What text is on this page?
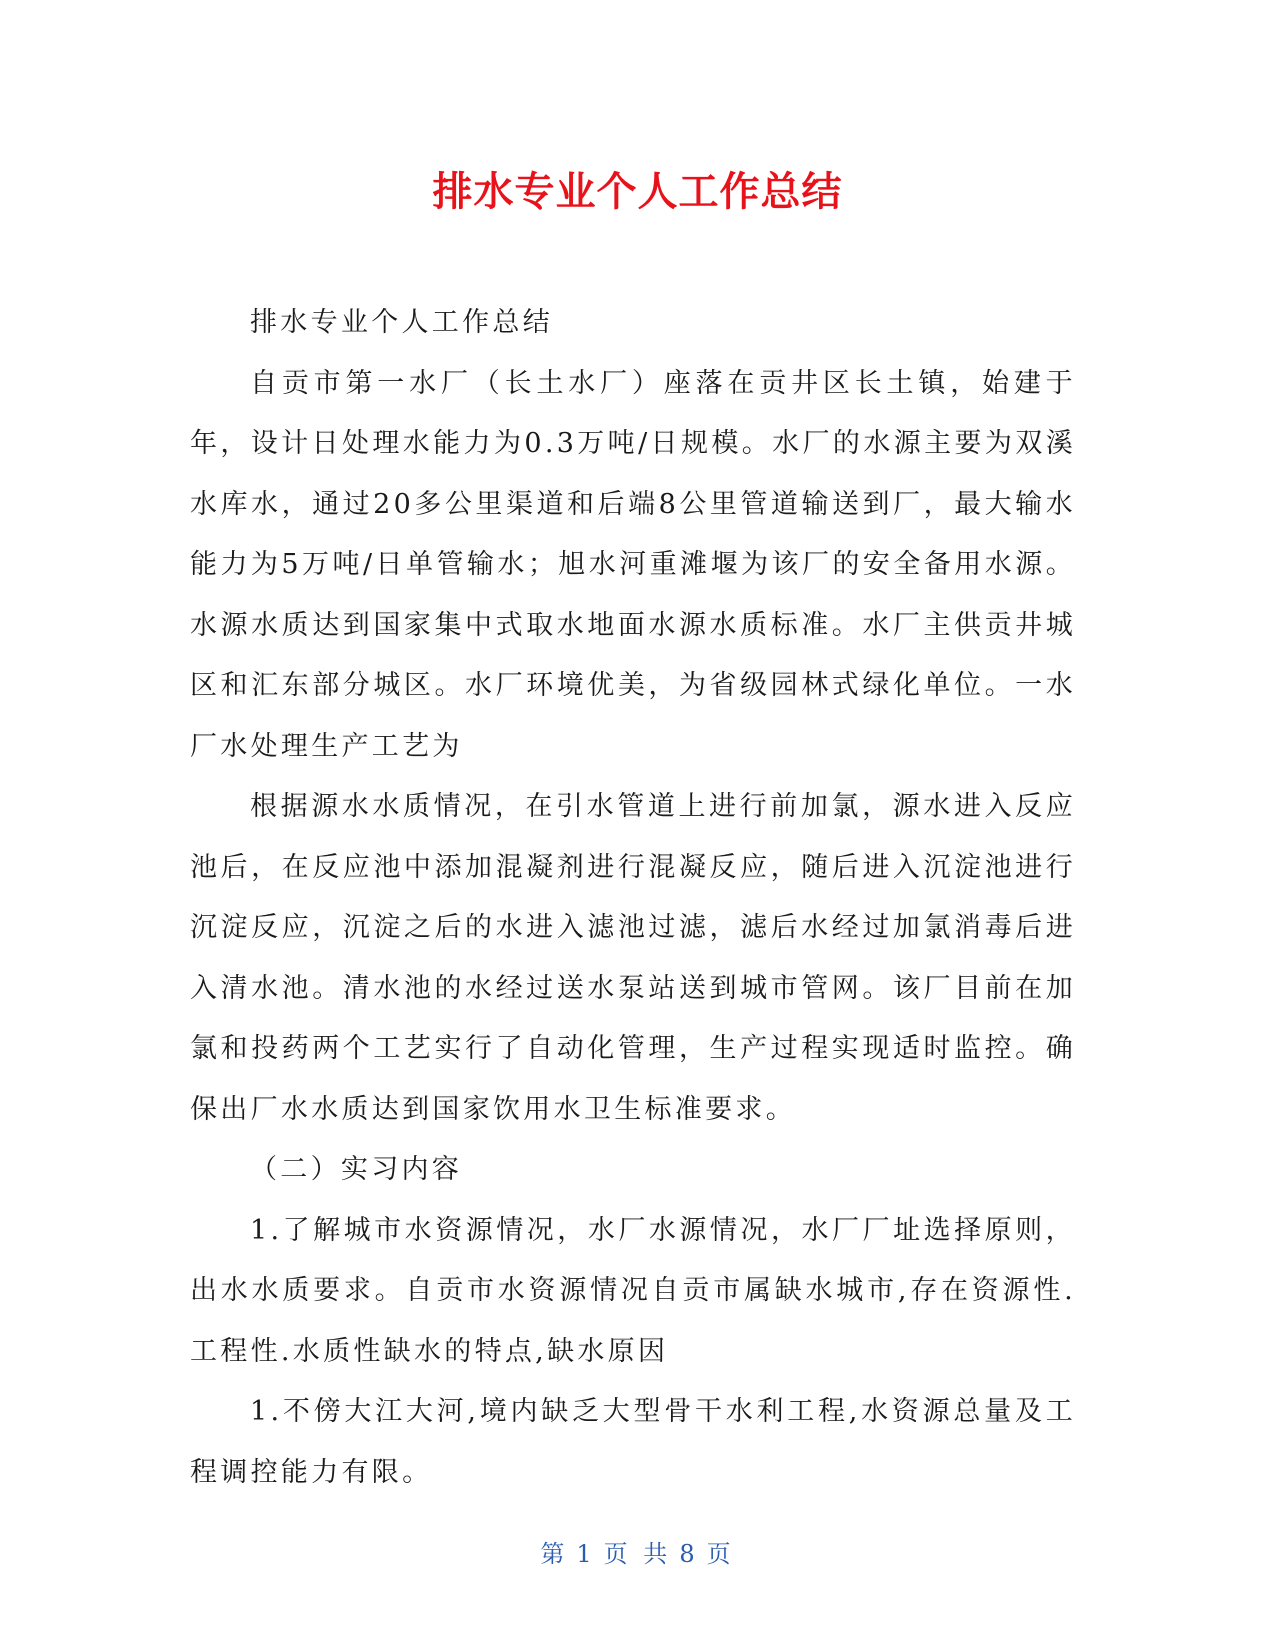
排水专业个人工作总结

排水专业个人工作总结

自贡市第一水厂（长土水厂）座落在贡井区长土镇，始建于年，设计日处理水能力为0.3万吨/日规模。水厂的水源主要为双溪水库水，通过20多公里渠道和后端8公里管道输送到厂，最大输水能力为5万吨/日单管输水；旭水河重滩堰为该厂的安全备用水源。水源水质达到国家集中式取水地面水源水质标准。水厂主供贡井城区和汇东部分城区。水厂环境优美，为省级园林式绿化单位。一水厂水处理生产工艺为

根据源水水质情况，在引水管道上进行前加氯，源水进入反应池后，在反应池中添加混凝剂进行混凝反应，随后进入沉淀池进行沉淀反应，沉淀之后的水进入滤池过滤，滤后水经过加氯消毒后进入清水池。清水池的水经过送水泵站送到城市管网。该厂目前在加氯和投药两个工艺实行了自动化管理，生产过程实现适时监控。确保出厂水水质达到国家饮用水卫生标准要求。

（二）实习内容

1.了解城市水资源情况，水厂水源情况，水厂厂址选择原则，出水水质要求。自贡市水资源情况自贡市属缺水城市,存在资源性.工程性.水质性缺水的特点,缺水原因

1.不傍大江大河,境内缺乏大型骨干水利工程,水资源总量及工程调控能力有限。

第 1 页 共 8 页
